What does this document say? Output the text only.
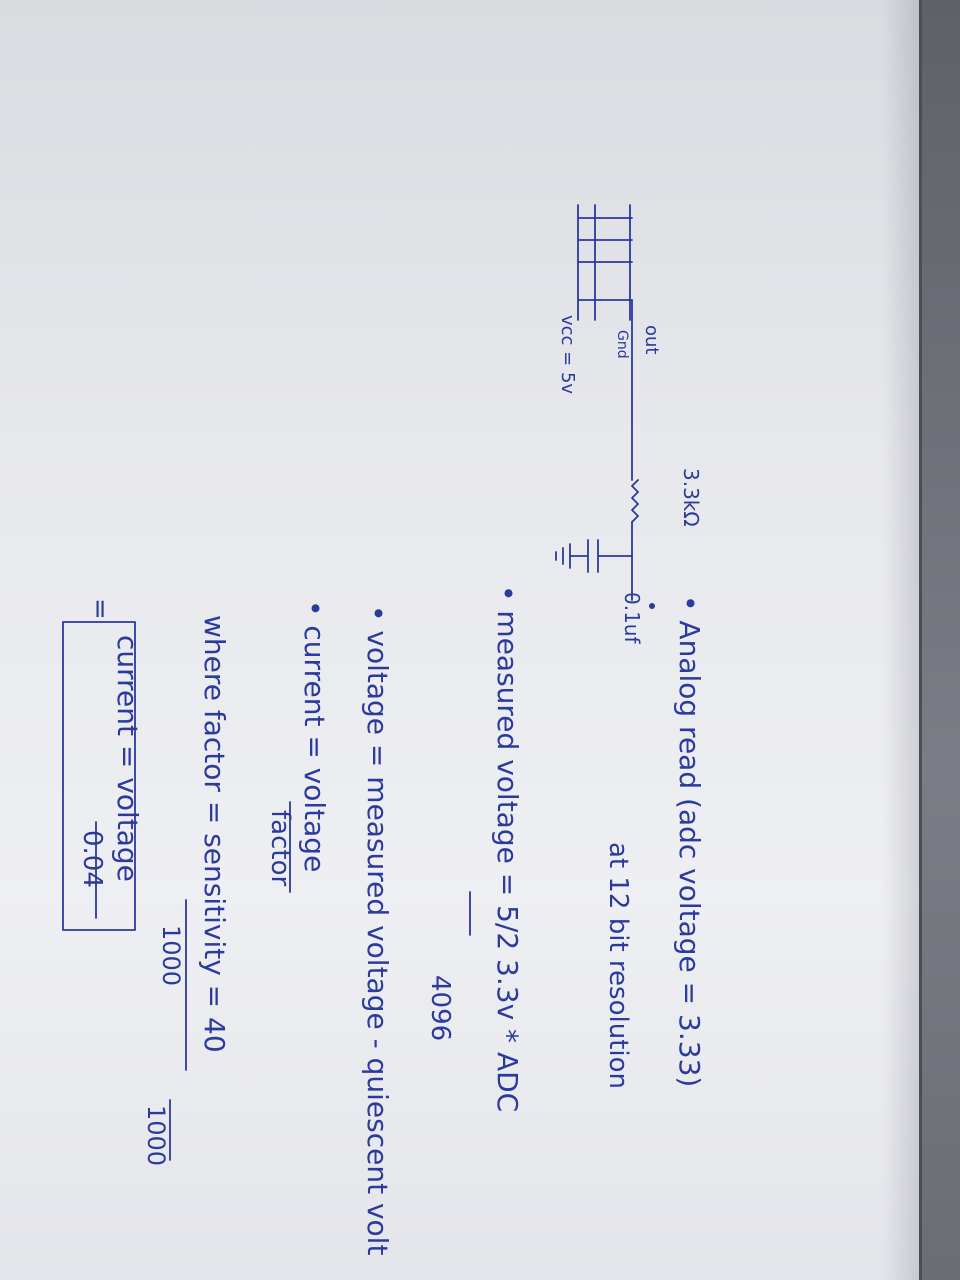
out
Gnd
vcc = 5v
3.3kΩ
0.1uf • Analog read (adc voltage = 3.33)
at 12 bit resolution
• measured voltage = 5/2 3.3v * ADC
4096
• voltage = measured voltage - quiescent volt
• current = voltage
factor
where factor = sensitivity = 40
1000
1000
=
current = voltage
0.04
